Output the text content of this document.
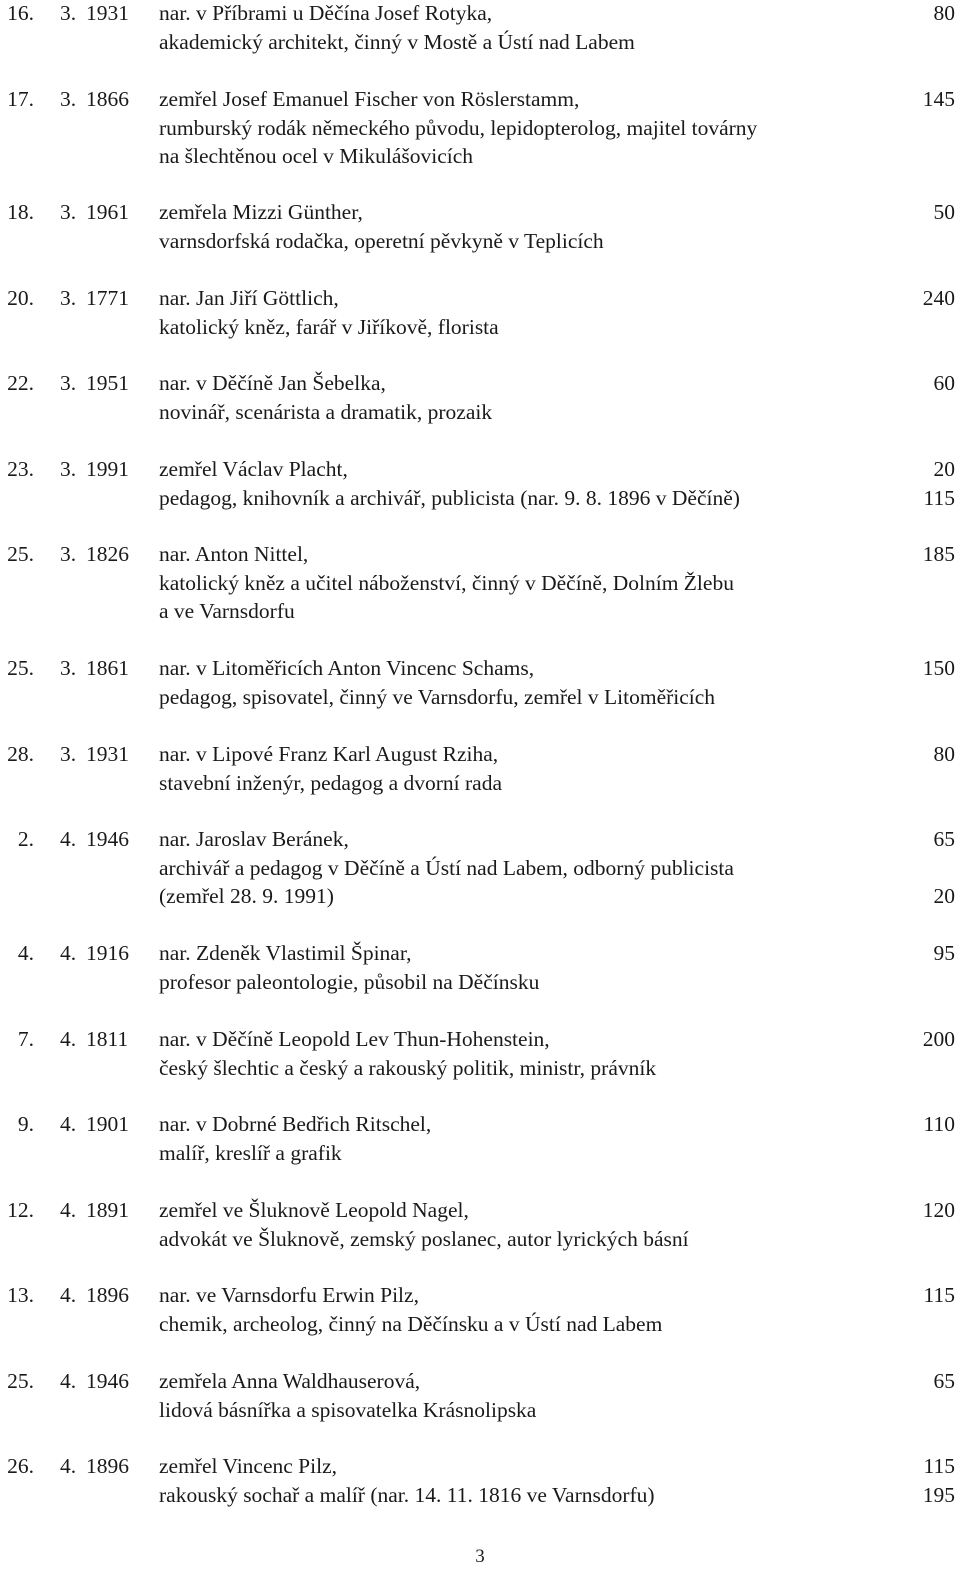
16. 3. 1931 nar. v Příbrami u Děčína Josef Rotyka,	80
akademický architekt, činný v Mostě a Ústí nad Labem
17. 3. 1866 zemřel Josef Emanuel Fischer von Röslerstamm,	145
rumburský rodák německého původu, lepidopterolog, majitel továrny
na šlechtěnou ocel v Mikulášovicích
18. 3. 1961 zemřela Mizzi Günther,	50
varnsdorfská rodačka, operetní pěvkyně v Teplicích
20. 3. 1771 nar. Jan Jiří Göttlich,	240
katolický kněz, farář v Jiříkově, florista
22. 3. 1951 nar. v Děčíně Jan Šebelka,	60
novinář, scenárista a dramatik, prozaik
23. 3. 1991 zemřel Václav Placht,	20
pedagog, knihovník a archivář, publicista (nar. 9. 8. 1896 v Děčíně)	115
25. 3. 1826 nar. Anton Nittel,	185
katolický kněz a učitel náboženství, činný v Děčíně, Dolním Žlebu
a ve Varnsdorfu
25. 3. 1861 nar. v Litoměřicích Anton Vincenc Schams,	150
pedagog, spisovatel, činný ve Varnsdorfu, zemřel v Litoměřicích
28. 3. 1931 nar. v Lipové Franz Karl August Rziha,	80
stavební inženýr, pedagog a dvorní rada
2. 4. 1946 nar. Jaroslav Beránek,	65
archivář a pedagog v Děčíně a Ústí nad Labem, odborný publicista
(zemřel 28. 9. 1991)	20
4. 4. 1916 nar. Zdeněk Vlastimil Špinar,	95
profesor paleontologie, působil na Děčínsku
7. 4. 1811 nar. v Děčíně Leopold Lev Thun-Hohenstein,	200
český šlechtic a český a rakouský politik, ministr, právník
9. 4. 1901 nar. v Dobrné Bedřich Ritschel,	110
malíř, kreslíř a grafik
12. 4. 1891 zemřel ve Šluknově Leopold Nagel,	120
advokát ve Šluknově, zemský poslanec, autor lyrických básní
13. 4. 1896 nar. ve Varnsdorfu Erwin Pilz,	115
chemik, archeolog, činný na Děčínsku a v Ústí nad Labem
25. 4. 1946 zemřela Anna Waldhauserová,	65
lidová básnířka a spisovatelka Krásnolipska
26. 4. 1896 zemřel Vincenc Pilz,	115
rakouský sochař a malíř (nar. 14. 11. 1816 ve Varnsdorfu)	195
3
